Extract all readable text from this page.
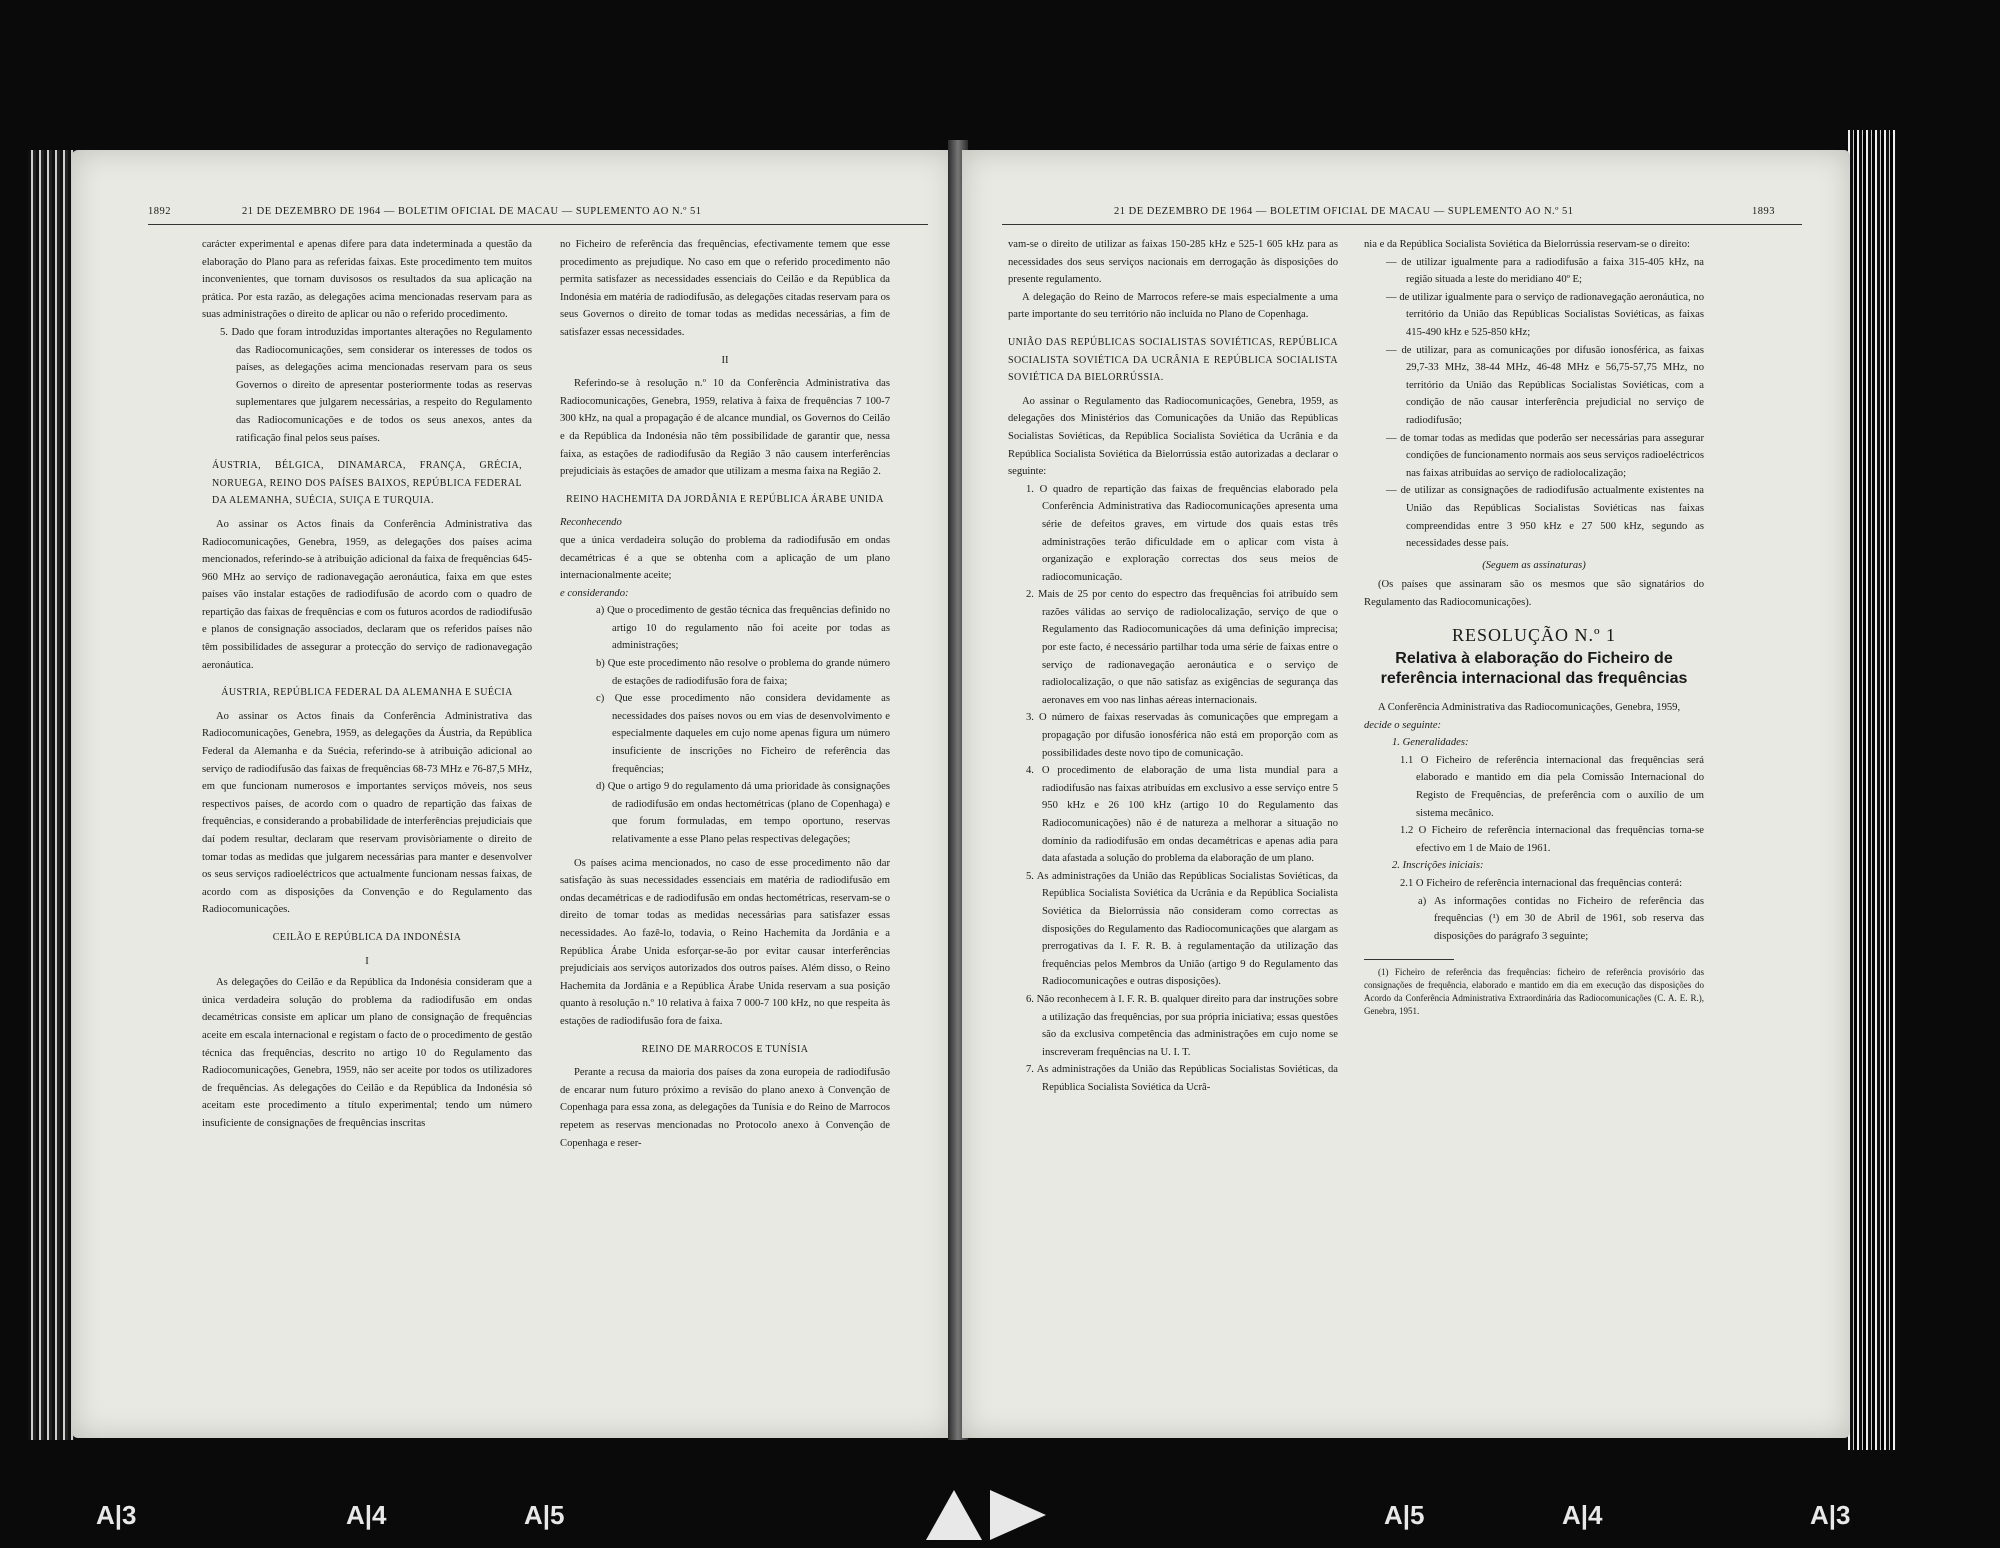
1892	21 DE DEZEMBRO DE 1964 — BOLETIM OFICIAL DE MACAU — SUPLEMENTO AO N.º 51

carácter experimental e apenas difere para data indeterminada a questão da elaboração do Plano para as referidas faixas. Este procedimento tem muitos inconvenientes, que tornam duvisosos os resultados da sua aplicação na prática. Por esta razão, as delegações acima mencionadas reservam para as suas administrações o direito de aplicar ou não o referido procedimento.

5. Dado que foram introduzidas importantes alterações no Regulamento das Radiocomunicações, sem considerar os interesses de todos os países, as delegações acima mencionadas reservam para os seus Governos o direito de apresentar posteriormente todas as reservas suplementares que julgarem necessárias, a respeito do Regulamento das Radiocomunicações e de todos os seus anexos, antes da ratificação final pelos seus países.

ÁUSTRIA, BÉLGICA, DINAMARCA, FRANÇA, GRÉCIA, NORUEGA, REINO DOS PAÍSES BAIXOS, REPÚBLICA FEDERAL DA ALEMANHA, SUÉCIA, SUIÇA E TURQUIA.

Ao assinar os Actos finais da Conferência Administrativa das Radiocomunicações, Genebra, 1959, as delegações dos países acima mencionados, referindo-se à atribuição adicional da faixa de frequências 645-960 MHz ao serviço de radionavegação aeronáutica, faixa em que estes países vão instalar estações de radiodifusão de acordo com o quadro de repartição das faixas de frequências e com os futuros acordos de radiodifusão e planos de consignação associados, declaram que os referidos países não têm possibilidades de assegurar a protecção do serviço de radionavegação aeronáutica.

ÁUSTRIA, REPÚBLICA FEDERAL DA ALEMANHA E SUÉCIA

Ao assinar os Actos finais da Conferência Administrativa das Radiocomunicações, Genebra, 1959, as delegações da Áustria, da República Federal da Alemanha e da Suécia, referindo-se à atribuição adicional ao serviço de radiodifusão das faixas de frequências 68-73 MHz e 76-87,5 MHz, em que funcionam numerosos e importantes serviços móveis, nos seus respectivos países, de acordo com o quadro de repartição das faixas de frequências, e considerando a probabilidade de interferências prejudiciais que daí podem resultar, declaram que reservam provisòriamente o direito de tomar todas as medidas que julgarem necessárias para manter e desenvolver os seus serviços radioeléctricos que actualmente funcionam nessas faixas, de acordo com as disposições da Convenção e do Regulamento das Radiocomunicações.

CEILÃO E REPÚBLICA DA INDONÉSIA

I

As delegações do Ceilão e da República da Indonésia consideram que a única verdadeira solução do problema da radiodifusão em ondas decamétricas consiste em aplicar um plano de consignação de frequências aceite em escala internacional e registam o facto de o procedimento de gestão técnica das frequências, descrito no artigo 10 do Regulamento das Radiocomunicações, Genebra, 1959, não ser aceite por todos os utilizadores de frequências. As delegações do Ceilão e da República da Indonésia só aceitam este procedimento a título experimental; tendo um número insuficiente de consignações de frequências inscritas

no Ficheiro de referência das frequências, efectivamente temem que esse procedimento as prejudique. No caso em que o referido procedimento não permita satisfazer as necessidades essenciais do Ceilão e da República da Indonésia em matéria de radiodifusão, as delegações citadas reservam para os seus Governos o direito de tomar todas as medidas necessárias, a fim de satisfazer essas necessidades.

II

Referindo-se à resolução n.º 10 da Conferência Administrativa das Radiocomunicações, Genebra, 1959, relativa à faixa de frequências 7 100-7 300 kHz, na qual a propagação é de alcance mundial, os Governos do Ceilão e da República da Indonésia não têm possibilidade de garantir que, nessa faixa, as estações de radiodifusão da Região 3 não causem interferências prejudiciais às estações de amador que utilizam a mesma faixa na Região 2.

REINO HACHEMITA DA JORDÂNIA E REPÚBLICA ÁRABE UNIDA

Reconhecendo

que a única verdadeira solução do problema da radiodifusão em ondas decamétricas é a que se obtenha com a aplicação de um plano internacionalmente aceite;

e considerando:

a) Que o procedimento de gestão técnica das frequências definido no artigo 10 do regulamento não foi aceite por todas as administrações;

b) Que este procedimento não resolve o problema do grande número de estações de radiodifusão fora de faixa;

c) Que esse procedimento não considera devidamente as necessidades dos países novos ou em vias de desenvolvimento e especialmente daqueles em cujo nome apenas figura um número insuficiente de inscrições no Ficheiro de referência das frequências;

d) Que o artigo 9 do regulamento dá uma prioridade às consignações de radiodifusão em ondas hectométricas (plano de Copenhaga) e que forum formuladas, em tempo oportuno, reservas relativamente a esse Plano pelas respectivas delegações;

Os países acima mencionados, no caso de esse procedimento não dar satisfação às suas necessidades essenciais em matéria de radiodifusão em ondas decamétricas e de radiodifusão em ondas hectométricas, reservam-se o direito de tomar todas as medidas necessárias para satisfazer essas necessidades. Ao fazê-lo, todavia, o Reino Hachemita da Jordânia e a República Árabe Unida esforçar-se-ão por evitar causar interferências prejudiciais aos serviços autorizados dos outros países. Além disso, o Reino Hachemita da Jordânia e a República Árabe Unida reservam a sua posição quanto à resolução n.º 10 relativa à faixa 7 000-7 100 kHz, no que respeita às estações de radiodifusão fora de faixa.

REINO DE MARROCOS E TUNÍSIA

Perante a recusa da maioria dos países da zona europeia de radiodifusão de encarar num futuro próximo a revisão do plano anexo à Convenção de Copenhaga para essa zona, as delegações da Tunísia e do Reino de Marrocos repetem as reservas mencionadas no Protocolo anexo à Convenção de Copenhaga e reser-

21 DE DEZEMBRO DE 1964 — BOLETIM OFICIAL DE MACAU — SUPLEMENTO AO N.º 51	1893

vam-se o direito de utilizar as faixas 150-285 kHz e 525-1 605 kHz para as necessidades dos seus serviços nacionais em derrogação às disposições do presente regulamento.

A delegação do Reino de Marrocos refere-se mais especialmente a uma parte importante do seu território não incluída no Plano de Copenhaga.

UNIÃO DAS REPÚBLICAS SOCIALISTAS SOVIÉTICAS, REPÚBLICA SOCIALISTA SOVIÉTICA DA UCRÂNIA E REPÚBLICA SOCIALISTA SOVIÉTICA DA BIELORRÚSSIA.

Ao assinar o Regulamento das Radiocomunicações, Genebra, 1959, as delegações dos Ministérios das Comunicações da União das Repúblicas Socialistas Soviéticas, da República Socialista Soviética da Ucrânia e da República Socialista Soviética da Bielorrússia estão autorizadas a declarar o seguinte:

1. O quadro de repartição das faixas de frequências elaborado pela Conferência Administrativa das Radiocomunicações apresenta uma série de defeitos graves, em virtude dos quais estas três administrações terão dificuldade em o aplicar com vista à organização e exploração correctas dos seus meios de radiocomunicação.

2. Mais de 25 por cento do espectro das frequências foi atribuído sem razões válidas ao serviço de radiolocalização, serviço de que o Regulamento das Radiocomunicações dá uma definição imprecisa; por este facto, é necessário partilhar toda uma série de faixas entre o serviço de radionavegação aeronáutica e o serviço de radiolocalização, o que não satisfaz as exigências de segurança das aeronaves em voo nas linhas aéreas internacionais.

3. O número de faixas reservadas às comunicações que empregam a propagação por difusão ionosférica não está em proporção com as possibilidades deste novo tipo de comunicação.

4. O procedimento de elaboração de uma lista mundial para a radiodifusão nas faixas atribuídas em exclusivo a esse serviço entre 5 950 kHz e 26 100 kHz (artigo 10 do Regulamento das Radiocomunicações) não é de natureza a melhorar a situação no domínio da radiodifusão em ondas decamétricas e apenas adia para data afastada a solução do problema da elaboração de um plano.

5. As administrações da União das Repúblicas Socialistas Soviéticas, da República Socialista Soviética da Ucrânia e da República Socialista Soviética da Bielorrússia não consideram como correctas as disposições do Regulamento das Radiocomunicações que alargam as prerrogativas da I. F. R. B. à regulamentação da utilização das frequências pelos Membros da União (artigo 9 do Regulamento das Radiocomunicações e outras disposições).

6. Não reconhecem à I. F. R. B. qualquer direito para dar instruções sobre a utilização das frequências, por sua própria iniciativa; essas questões são da exclusiva competência das administrações em cujo nome se inscreveram frequências na U. I. T.

7. As administrações da União das Repúblicas Socialistas Soviéticas, da República Socialista Soviética da Ucrâ-

nia e da República Socialista Soviética da Bielorrússia reservam-se o direito:

— de utilizar igualmente para a radiodifusão a faixa 315-405 kHz, na região situada a leste do meridiano 40º E;

— de utilizar igualmente para o serviço de radionavegação aeronáutica, no território da União das Repúblicas Socialistas Soviéticas, as faixas 415-490 kHz e 525-850 kHz;

— de utilizar, para as comunicações por difusão ionosférica, as faixas 29,7-33 MHz, 38-44 MHz, 46-48 MHz e 56,75-57,75 MHz, no território da União das Repúblicas Socialistas Soviéticas, com a condição de não causar interferência prejudicial no serviço de radiodifusão;

— de tomar todas as medidas que poderão ser necessárias para assegurar condições de funcionamento normais aos seus serviços radioeléctricos nas faixas atribuídas ao serviço de radiolocalização;

— de utilizar as consignações de radiodifusão actualmente existentes na União das Repúblicas Socialistas Soviéticas nas faixas compreendidas entre 3 950 kHz e 27 500 kHz, segundo as necessidades desse país.

(Seguem as assinaturas)

(Os países que assinaram são os mesmos que são signatários do Regulamento das Radiocomunicações).

RESOLUÇÃO N.º 1

Relativa à elaboração do Ficheiro de referência internacional das frequências

A Conferência Administrativa das Radiocomunicações, Genebra, 1959,

decide o seguinte:

1. Generalidades:

1.1 O Ficheiro de referência internacional das frequências será elaborado e mantido em dia pela Comissão Internacional do Registo de Frequências, de preferência com o auxílio de um sistema mecânico.

1.2 O Ficheiro de referência internacional das frequências torna-se efectivo em 1 de Maio de 1961.

2. Inscrições iniciais:

2.1 O Ficheiro de referência internacional das frequências conterá:

a) As informações contidas no Ficheiro de referência das frequências (¹) em 30 de Abril de 1961, sob reserva das disposições do parágrafo 3 seguinte;

(1) Ficheiro de referência das frequências: ficheiro de referência provisório das consignações de frequência, elaborado e mantido em dia em execução das disposições do Acordo da Conferência Administrativa Extraordinária das Radiocomunicações (C. A. E. R.), Genebra, 1951.

A|3	A|4	A|5	A|5	A|4	A|3
